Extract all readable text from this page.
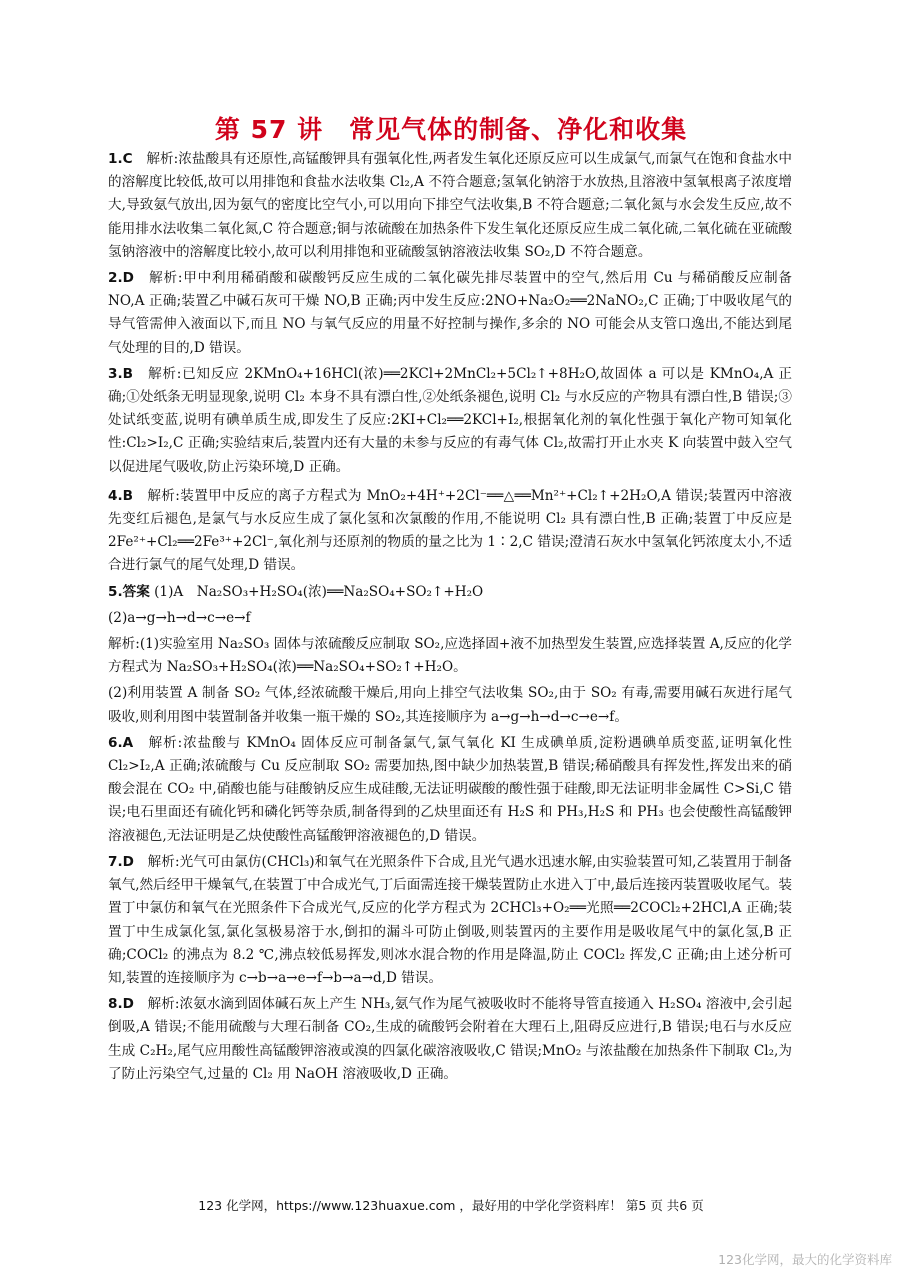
第 57 讲　常见气体的制备、净化和收集

1.C　解析:浓盐酸具有还原性,高锰酸钾具有强氧化性,两者发生氧化还原反应可以生成氯气,而氯气在饱和食盐水中的溶解度比较低,故可以用排饱和食盐水法收集 Cl₂,A 不符合题意;氢氧化钠溶于水放热,且溶液中氢氧根离子浓度增大,导致氨气放出,因为氨气的密度比空气小,可以用向下排空气法收集,B 不符合题意;二氧化氮与水会发生反应,故不能用排水法收集二氧化氮,C 符合题意;铜与浓硫酸在加热条件下发生氧化还原反应生成二氧化硫,二氧化硫在亚硫酸氢钠溶液中的溶解度比较小,故可以利用排饱和亚硫酸氢钠溶液法收集 SO₂,D 不符合题意。

2.D　解析:甲中利用稀硝酸和碳酸钙反应生成的二氧化碳先排尽装置中的空气,然后用 Cu 与稀硝酸反应制备 NO,A 正确;装置乙中碱石灰可干燥 NO,B 正确;丙中发生反应:2NO+Na₂O₂══2NaNO₂,C 正确;丁中吸收尾气的导气管需伸入液面以下,而且 NO 与氧气反应的用量不好控制与操作,多余的 NO 可能会从支管口逸出,不能达到尾气处理的目的,D 错误。

3.B　解析:已知反应 2KMnO₄+16HCl(浓)══2KCl+2MnCl₂+5Cl₂↑+8H₂O,故固体 a 可以是 KMnO₄,A 正确;①处纸条无明显现象,说明 Cl₂ 本身不具有漂白性,②处纸条褪色,说明 Cl₂ 与水反应的产物具有漂白性,B 错误;③处试纸变蓝,说明有碘单质生成,即发生了反应:2KI+Cl₂══2KCl+I₂,根据氧化剂的氧化性强于氧化产物可知氧化性:Cl₂>I₂,C 正确;实验结束后,装置内还有大量的未参与反应的有毒气体 Cl₂,故需打开止水夹 K 向装置中鼓入空气以促进尾气吸收,防止污染环境,D 正确。

4.B　解析:装置甲中反应的离子方程式为 MnO₂+4H⁺+2Cl⁻══△══Mn²⁺+Cl₂↑+2H₂O,A 错误;装置丙中溶液先变红后褪色,是氯气与水反应生成了氯化氢和次氯酸的作用,不能说明 Cl₂ 具有漂白性,B 正确;装置丁中反应是 2Fe²⁺+Cl₂══2Fe³⁺+2Cl⁻,氧化剂与还原剂的物质的量之比为 1∶2,C 错误;澄清石灰水中氢氧化钙浓度太小,不适合进行氯气的尾气处理,D 错误。

5.答案 (1)A　Na₂SO₃+H₂SO₄(浓)══Na₂SO₄+SO₂↑+H₂O

(2)a→g→h→d→c→e→f

解析:(1)实验室用 Na₂SO₃ 固体与浓硫酸反应制取 SO₂,应选择固+液不加热型发生装置,应选择装置 A,反应的化学方程式为 Na₂SO₃+H₂SO₄(浓)══Na₂SO₄+SO₂↑+H₂O。

(2)利用装置 A 制备 SO₂ 气体,经浓硫酸干燥后,用向上排空气法收集 SO₂,由于 SO₂ 有毒,需要用碱石灰进行尾气吸收,则利用图中装置制备并收集一瓶干燥的 SO₂,其连接顺序为 a→g→h→d→c→e→f。

6.A　解析:浓盐酸与 KMnO₄ 固体反应可制备氯气,氯气氧化 KI 生成碘单质,淀粉遇碘单质变蓝,证明氧化性 Cl₂>I₂,A 正确;浓硫酸与 Cu 反应制取 SO₂ 需要加热,图中缺少加热装置,B 错误;稀硝酸具有挥发性,挥发出来的硝酸会混在 CO₂ 中,硝酸也能与硅酸钠反应生成硅酸,无法证明碳酸的酸性强于硅酸,即无法证明非金属性 C>Si,C 错误;电石里面还有硫化钙和磷化钙等杂质,制备得到的乙炔里面还有 H₂S 和 PH₃,H₂S 和 PH₃ 也会使酸性高锰酸钾溶液褪色,无法证明是乙炔使酸性高锰酸钾溶液褪色的,D 错误。

7.D　解析:光气可由氯仿(CHCl₃)和氧气在光照条件下合成,且光气遇水迅速水解,由实验装置可知,乙装置用于制备氧气,然后经甲干燥氧气,在装置丁中合成光气,丁后面需连接干燥装置防止水进入丁中,最后连接丙装置吸收尾气。装置丁中氯仿和氧气在光照条件下合成光气,反应的化学方程式为 2CHCl₃+O₂══光照══2COCl₂+2HCl,A 正确;装置丁中生成氯化氢,氯化氢极易溶于水,倒扣的漏斗可防止倒吸,则装置丙的主要作用是吸收尾气中的氯化氢,B 正确;COCl₂ 的沸点为 8.2 ℃,沸点较低易挥发,则冰水混合物的作用是降温,防止 COCl₂ 挥发,C 正确;由上述分析可知,装置的连接顺序为 c→b→a→e→f→b→a→d,D 错误。

8.D　解析:浓氨水滴到固体碱石灰上产生 NH₃,氨气作为尾气被吸收时不能将导管直接通入 H₂SO₄ 溶液中,会引起倒吸,A 错误;不能用硫酸与大理石制备 CO₂,生成的硫酸钙会附着在大理石上,阻碍反应进行,B 错误;电石与水反应生成 C₂H₂,尾气应用酸性高锰酸钾溶液或溴的四氯化碳溶液吸收,C 错误;MnO₂ 与浓盐酸在加热条件下制取 Cl₂,为了防止污染空气,过量的 Cl₂ 用 NaOH 溶液吸收,D 正确。

123 化学网，https://www.123huaxue.com ，最好用的中学化学资料库！ 第5 页 共6 页
123化学网，最大的化学资料库
